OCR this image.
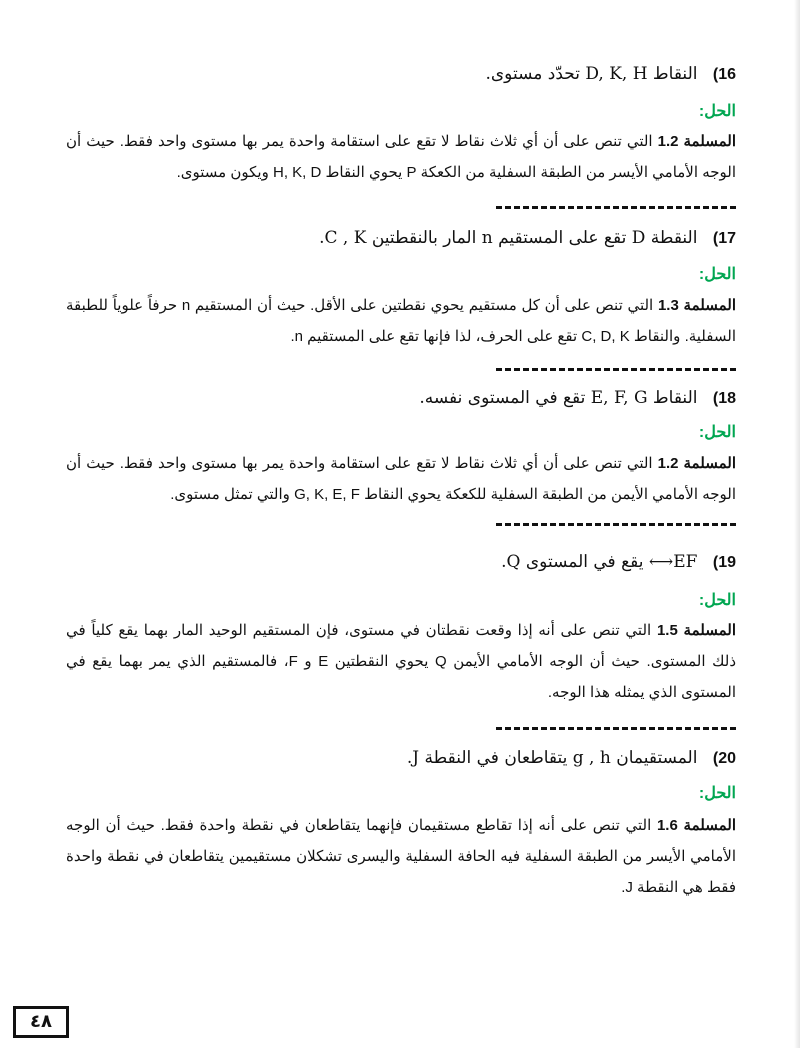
16) النقاط D, K, H تحدّد مستوى.
الحل:
المسلمة 1.2 التي تنص على أن أي ثلاث نقاط لا تقع على استقامة واحدة يمر بها مستوى واحد فقط. حيث أن الوجه الأمامي الأيسر من الطبقة السفلية من الكعكة P يحوي النقاط H, K, D ويكون مستوى.
17) النقطة D تقع على المستقيم n المار بالنقطتين C , K.
الحل:
المسلمة 1.3 التي تنص على أن كل مستقيم يحوي نقطتين على الأقل. حيث أن المستقيم n حرفاً علوياً للطبقة السفلية. والنقاط C, D, K تقع على الحرف، لذا فإنها تقع على المستقيم n.
18) النقاط E, F, G تقع في المستوى نفسه.
الحل:
المسلمة 1.2 التي تنص على أن أي ثلاث نقاط لا تقع على استقامة واحدة يمر بها مستوى واحد فقط. حيث أن الوجه الأمامي الأيمن من الطبقة السفلية للكعكة يحوي النقاط G, K, E, F والتي تمثل مستوى.
19) EF⟷ يقع في المستوى Q.
الحل:
المسلمة 1.5 التي تنص على أنه إذا وقعت نقطتان في مستوى، فإن المستقيم الوحيد المار بهما يقع كلياً في ذلك المستوى. حيث أن الوجه الأمامي الأيمن Q يحوي النقطتين E و F، فالمستقيم الذي يمر بهما يقع في المستوى الذي يمثله هذا الوجه.
20) المستقيمان g , h يتقاطعان في النقطة J.
الحل:
المسلمة 1.6 التي تنص على أنه إذا تقاطع مستقيمان فإنهما يتقاطعان في نقطة واحدة فقط. حيث أن الوجه الأمامي الأيسر من الطبقة السفلية فيه الحافة السفلية واليسرى تشكلان مستقيمين يتقاطعان في نقطة واحدة فقط هي النقطة J.
٤٨
